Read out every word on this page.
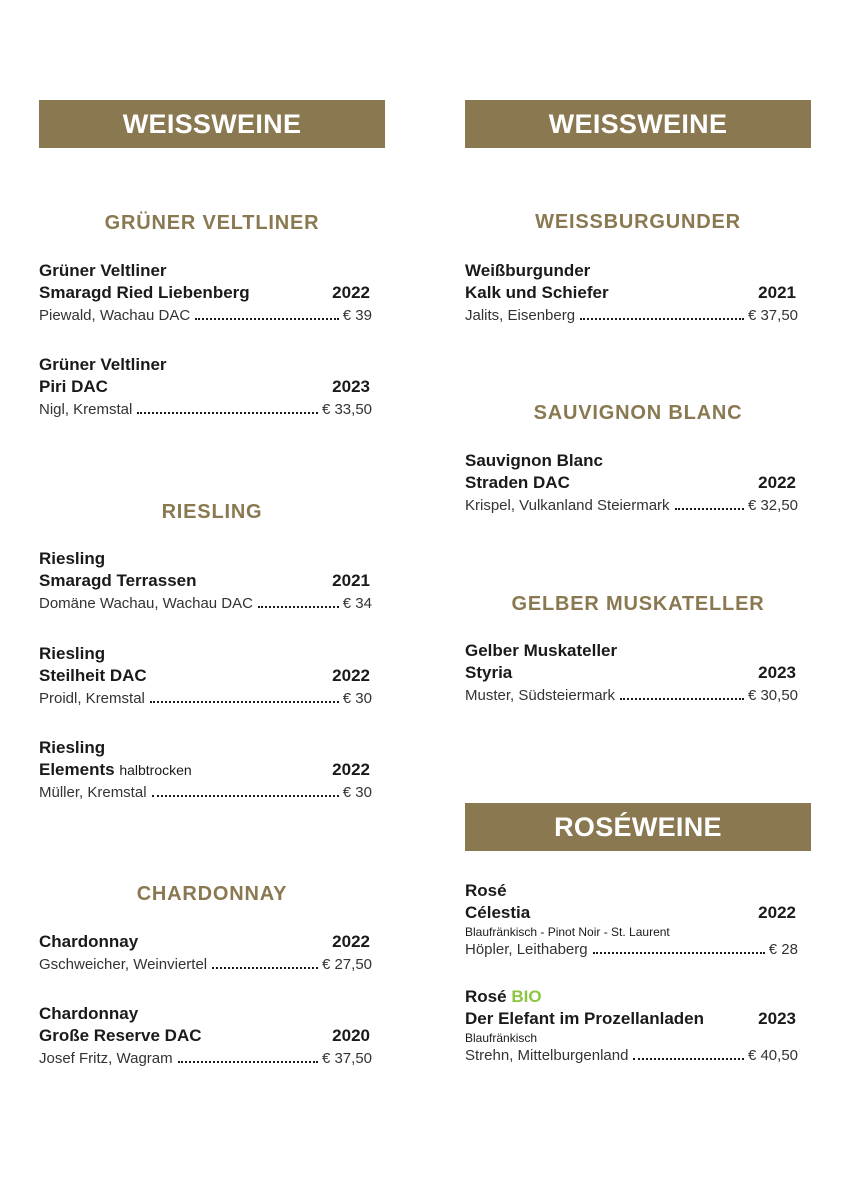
WEISSWEINE
GRÜNER VELTLINER
Grüner Veltliner
Smaragd Ried Liebenberg	2022
Piewald, Wachau DAC	€ 39
Grüner Veltliner
Piri DAC	2023
Nigl, Kremstal	€ 33,50
RIESLING
Riesling
Smaragd Terrassen	2021
Domäne Wachau, Wachau DAC	€ 34
Riesling
Steilheit DAC	2022
Proidl, Kremstal	€ 30
Riesling
Elements halbtrocken	2022
Müller, Kremstal	€ 30
CHARDONNAY
Chardonnay	2022
Gschweicher, Weinviertel	€ 27,50
Chardonnay
Große Reserve DAC	2020
Josef Fritz, Wagram	€ 37,50
WEISSWEINE
WEISSBURGUNDER
Weißburgunder
Kalk und Schiefer	2021
Jalits, Eisenberg	€ 37,50
SAUVIGNON BLANC
Sauvignon Blanc
Straden DAC	2022
Krispel, Vulkanland Steiermark	€ 32,50
GELBER MUSKATELLER
Gelber Muskateller
Styria	2023
Muster, Südsteiermark	€ 30,50
ROSÉWEINE
Rosé
Célestia	2022
Blaufränkisch - Pinot Noir - St. Laurent
Höpler, Leithaberg	€ 28
Rosé BIO
Der Elefant im Prozellanladen	2023
Blaufränkisch
Strehn, Mittelburgenland	€ 40,50
